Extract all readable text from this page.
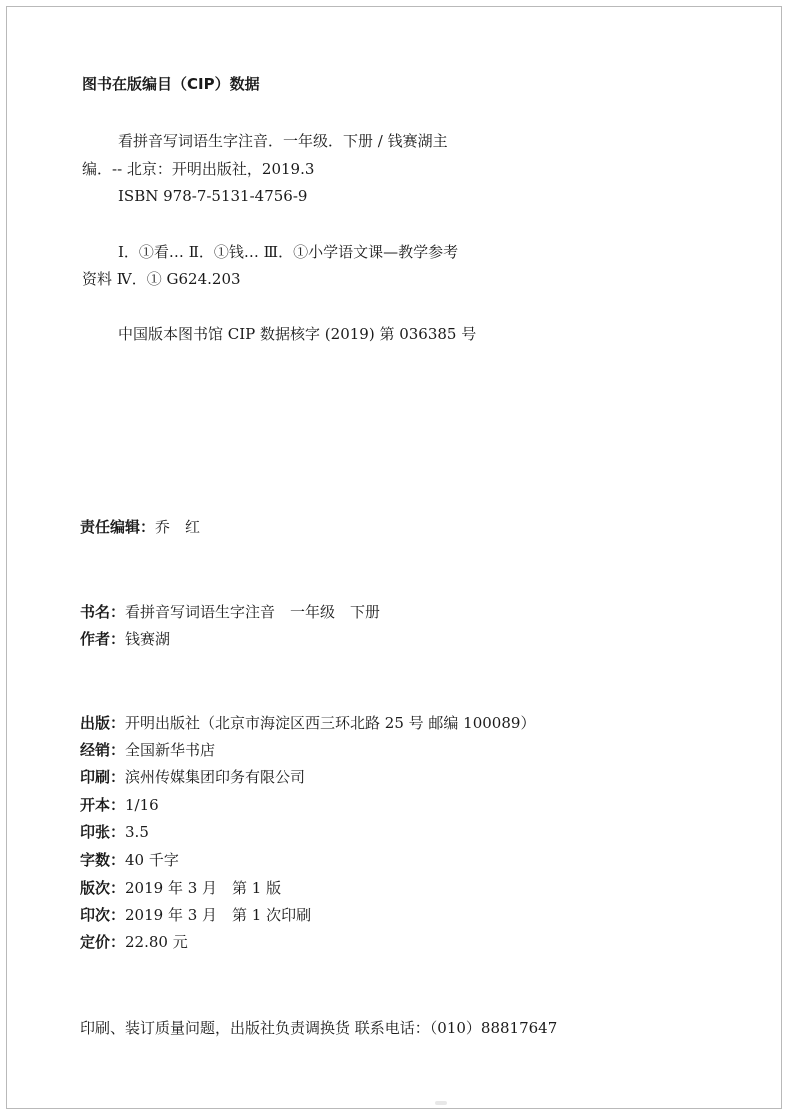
图书在版编目（CIP）数据
看拼音写词语生字注音．一年级．下册 / 钱赛湖主
编．-- 北京：开明出版社，2019.3
ISBN 978-7-5131-4756-9
Ⅰ．①看… Ⅱ．①钱… Ⅲ．①小学语文课—教学参考
资料 Ⅳ．① G624.203
中国版本图书馆 CIP 数据核字 (2019) 第 036385 号
责任编辑：乔　红
书名：看拼音写词语生字注音　一年级　下册
作者：钱赛湖
出版：开明出版社（北京市海淀区西三环北路 25 号 邮编 100089）
经销：全国新华书店
印刷：滨州传媒集团印务有限公司
开本：1/16
印张：3.5
字数：40 千字
版次：2019 年 3 月　第 1 版
印次：2019 年 3 月　第 1 次印刷
定价：22.80 元
印刷、装订质量问题，出版社负责调换货 联系电话：（010）88817647
